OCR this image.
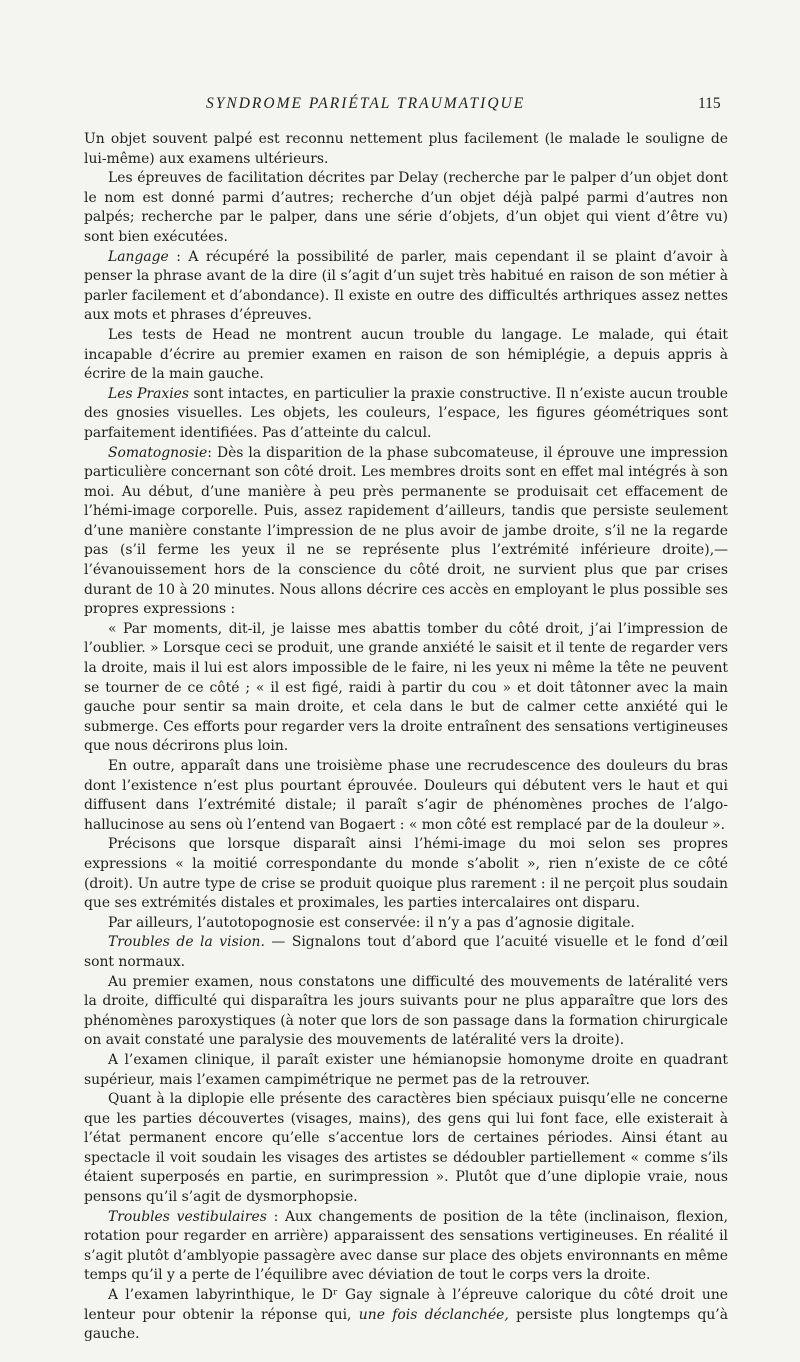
SYNDROME PARIÉTAL TRAUMATIQUE	115

Un objet souvent palpé est reconnu nettement plus facilement (le malade le souligne de lui-même) aux examens ultérieurs.

Les épreuves de facilitation décrites par Delay (recherche par le palper d’un objet dont le nom est donné parmi d’autres; recherche d’un objet déjà palpé parmi d’autres non palpés; recherche par le palper, dans une série d’objets, d’un objet qui vient d’être vu) sont bien exécutées.

Langage : A récupéré la possibilité de parler, mais cependant il se plaint d’avoir à penser la phrase avant de la dire (il s’agit d’un sujet très habitué en raison de son métier à parler facilement et d’abondance). Il existe en outre des difficultés arthriques assez nettes aux mots et phrases d’épreuves.

Les tests de Head ne montrent aucun trouble du langage. Le malade, qui était incapable d’écrire au premier examen en raison de son hémiplégie, a depuis appris à écrire de la main gauche.

Les Praxies sont intactes, en particulier la praxie constructive. Il n’existe aucun trouble des gnosies visuelles. Les objets, les couleurs, l’espace, les figures géométriques sont parfaitement identifiées. Pas d’atteinte du calcul.

Somatognosie: Dès la disparition de la phase subcomateuse, il éprouve une impression particulière concernant son côté droit. Les membres droits sont en effet mal intégrés à son moi. Au début, d’une manière à peu près permanente se produisait cet effacement de l’hémi-image corporelle. Puis, assez rapidement d’ailleurs, tandis que persiste seulement d’une manière constante l’impression de ne plus avoir de jambe droite, s’il ne la regarde pas (s’il ferme les yeux il ne se représente plus l’extrémité inférieure droite),— l’évanouissement hors de la conscience du côté droit, ne survient plus que par crises durant de 10 à 20 minutes. Nous allons décrire ces accès en employant le plus possible ses propres expressions :

« Par moments, dit-il, je laisse mes abattis tomber du côté droit, j’ai l’impression de l’oublier. » Lorsque ceci se produit, une grande anxiété le saisit et il tente de regarder vers la droite, mais il lui est alors impossible de le faire, ni les yeux ni même la tête ne peuvent se tourner de ce côté ; « il est figé, raidi à partir du cou » et doit tâtonner avec la main gauche pour sentir sa main droite, et cela dans le but de calmer cette anxiété qui le submerge. Ces efforts pour regarder vers la droite entraînent des sensations vertigineuses que nous décrirons plus loin.

En outre, apparaît dans une troisième phase une recrudescence des douleurs du bras dont l’existence n’est plus pourtant éprouvée. Douleurs qui débutent vers le haut et qui diffusent dans l’extrémité distale; il paraît s’agir de phénomènes proches de l’algo-hallucinose au sens où l’entend van Bogaert : « mon côté est remplacé par de la douleur ».

Précisons que lorsque disparaît ainsi l’hémi-image du moi selon ses propres expressions « la moitié correspondante du monde s’abolit », rien n’existe de ce côté (droit). Un autre type de crise se produit quoique plus rarement : il ne perçoit plus soudain que ses extrémités distales et proximales, les parties intercalaires ont disparu.

Par ailleurs, l’autotopognosie est conservée: il n’y a pas d’agnosie digitale.

Troubles de la vision. — Signalons tout d’abord que l’acuité visuelle et le fond d’œil sont normaux.

Au premier examen, nous constatons une difficulté des mouvements de latéralité vers la droite, difficulté qui disparaîtra les jours suivants pour ne plus apparaître que lors des phénomènes paroxystiques (à noter que lors de son passage dans la formation chirurgicale on avait constaté une paralysie des mouvements de latéralité vers la droite).

A l’examen clinique, il paraît exister une hémianopsie homonyme droite en quadrant supérieur, mais l’examen campimétrique ne permet pas de la retrouver.

Quant à la diplopie elle présente des caractères bien spéciaux puisqu’elle ne concerne que les parties découvertes (visages, mains), des gens qui lui font face, elle existerait à l’état permanent encore qu’elle s’accentue lors de certaines périodes. Ainsi étant au spectacle il voit soudain les visages des artistes se dédoubler partiellement « comme s’ils étaient superposés en partie, en surimpression ». Plutôt que d’une diplopie vraie, nous pensons qu’il s’agit de dysmorphopsie.

Troubles vestibulaires : Aux changements de position de la tête (inclinaison, flexion, rotation pour regarder en arrière) apparaissent des sensations vertigineuses. En réalité il s’agit plutôt d’amblyopie passagère avec danse sur place des objets environnants en même temps qu’il y a perte de l’équilibre avec déviation de tout le corps vers la droite.

A l’examen labyrinthique, le Dʳ Gay signale à l’épreuve calorique du côté droit une lenteur pour obtenir la réponse qui, une fois déclanchée, persiste plus longtemps qu’à gauche.
